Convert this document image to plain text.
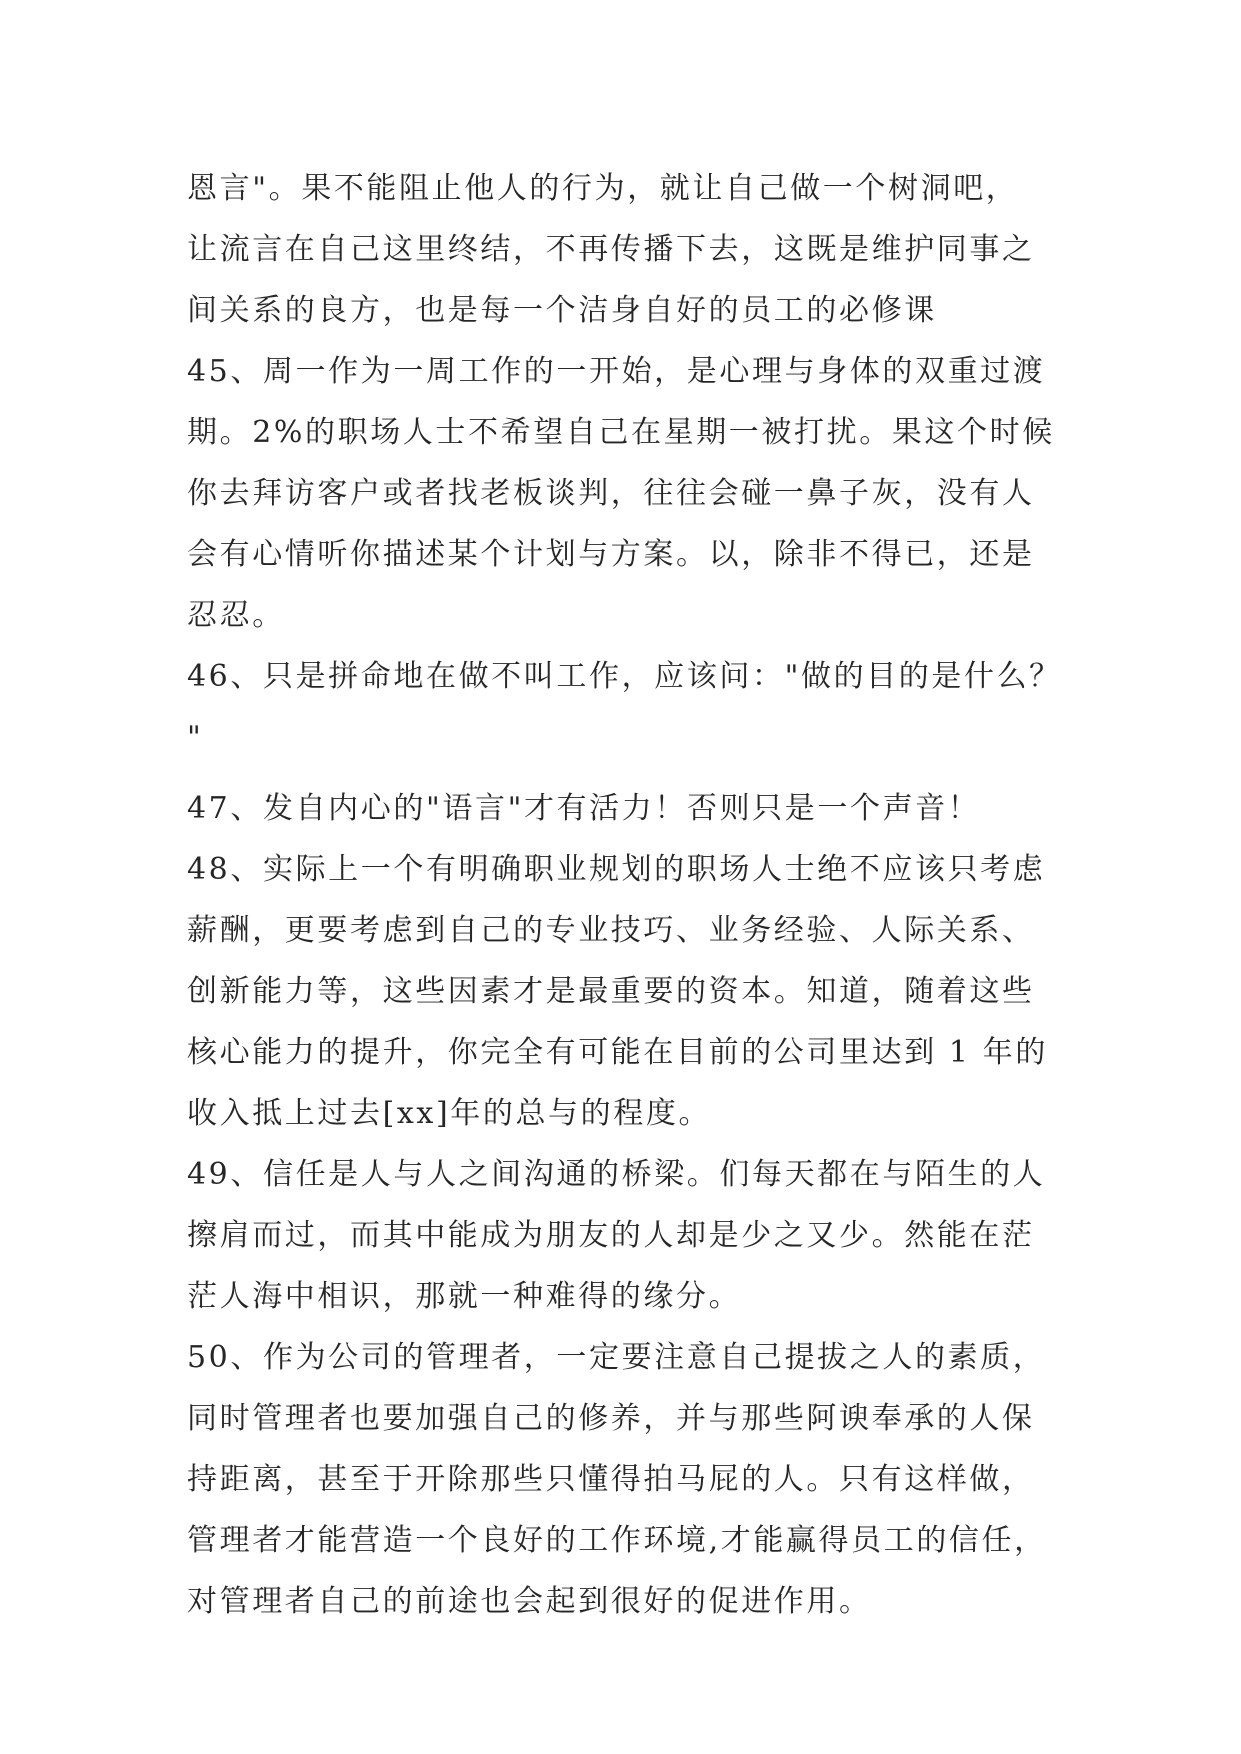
恩言"。果不能阻止他人的行为，就让自己做一个树洞吧，
让流言在自己这里终结，不再传播下去，这既是维护同事之
间关系的良方，也是每一个洁身自好的员工的必修课
45、周一作为一周工作的一开始，是心理与身体的双重过渡
期。2%的职场人士不希望自己在星期一被打扰。果这个时候
你去拜访客户或者找老板谈判，往往会碰一鼻子灰，没有人
会有心情听你描述某个计划与方案。以，除非不得已，还是
忍忍。
46、只是拼命地在做不叫工作，应该问："做的目的是什么？
"
47、发自内心的"语言"才有活力！否则只是一个声音！
48、实际上一个有明确职业规划的职场人士绝不应该只考虑
薪酬，更要考虑到自己的专业技巧、业务经验、人际关系、
创新能力等，这些因素才是最重要的资本。知道，随着这些
核心能力的提升，你完全有可能在目前的公司里达到 1 年的
收入抵上过去[xx]年的总与的程度。
49、信任是人与人之间沟通的桥梁。们每天都在与陌生的人
擦肩而过，而其中能成为朋友的人却是少之又少。然能在茫
茫人海中相识，那就一种难得的缘分。
50、作为公司的管理者，一定要注意自己提拔之人的素质，
同时管理者也要加强自己的修养，并与那些阿谀奉承的人保
持距离，甚至于开除那些只懂得拍马屁的人。只有这样做，
管理者才能营造一个良好的工作环境,才能赢得员工的信任，
对管理者自己的前途也会起到很好的促进作用。
